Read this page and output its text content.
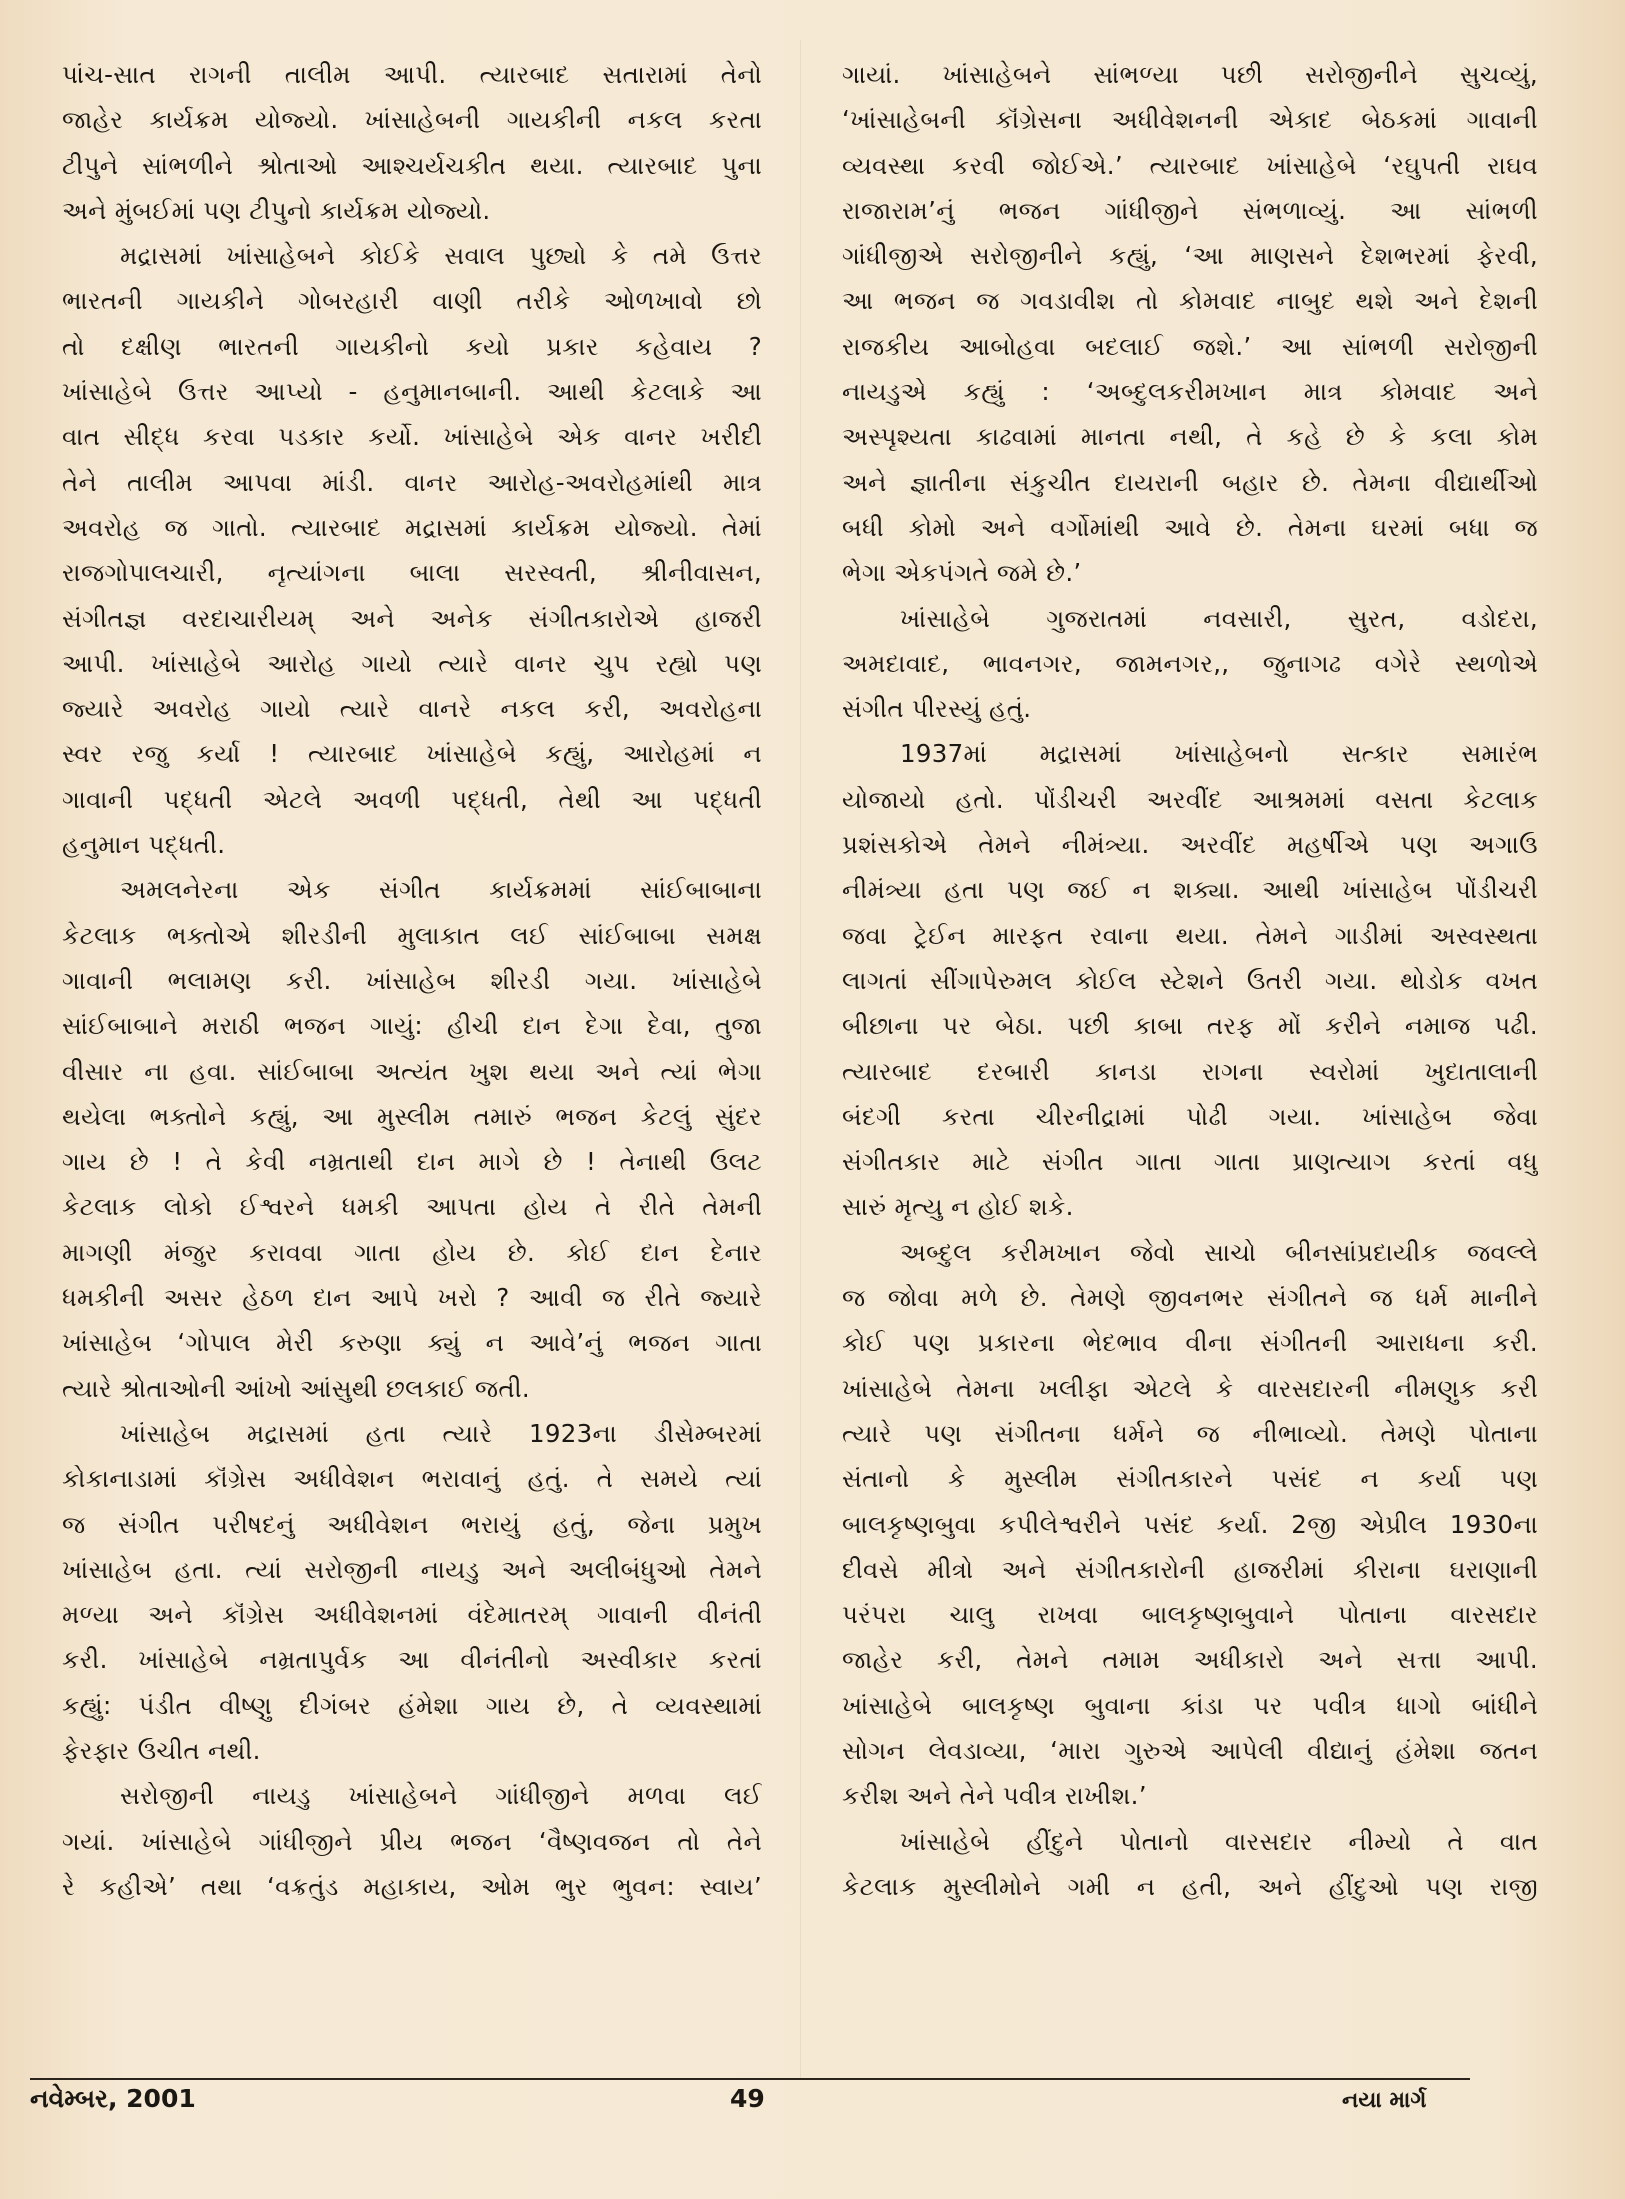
પાંચ-સાત રાગની તાલીમ આપી. ત્યારબાદ સતારામાં તેનો
જાહેર કાર્યક્રમ યોજ્યો. ખાંસાહેબની ગાયકીની નકલ કરતા
ટીપુને સાંભળીને શ્રોતાઓ આશ્ચર્યચકીત થયા. ત્યારબાદ પુના
અને મુંબઈમાં પણ ટીપુનો કાર્યક્રમ યોજ્યો.
મદ્રાસમાં ખાંસાહેબને કોઈકે સવાલ પુછ્યો કે તમે ઉત્તર
ભારતની ગાયકીને ગોબરહારી વાણી તરીકે ઓળખાવો છો
તો દક્ષીણ ભારતની ગાયકીનો કયો પ્રકાર કહેવાય ?
ખાંસાહેબે ઉત્તર આપ્યો - હનુમાનબાની. આથી કેટલાકે આ
વાત સીદ્ધ કરવા પડકાર કર્યો. ખાંસાહેબે એક વાનર ખરીદી
તેને તાલીમ આપવા માંડી. વાનર આરોહ-અવરોહમાંથી માત્ર
અવરોહ જ ગાતો. ત્યારબાદ મદ્રાસમાં કાર્યક્રમ યોજ્યો. તેમાં
રાજગોપાલચારી, નૃત્યાંગના બાલા સરસ્વતી, શ્રીનીવાસન,
સંગીતજ્ઞ વરદાચારીયમ્ અને અનેક સંગીતકારોએ હાજરી
આપી. ખાંસાહેબે આરોહ ગાયો ત્યારે વાનર ચુપ રહ્યો પણ
જ્યારે અવરોહ ગાયો ત્યારે વાનરે નકલ કરી, અવરોહના
સ્વર રજુ કર્યા ! ત્યારબાદ ખાંસાહેબે કહ્યું, આરોહમાં ન
ગાવાની પદ્ધતી એટલે અવળી પદ્ધતી, તેથી આ પદ્ધતી
હનુમાન પદ્ધતી.
અમલનેરના એક સંગીત કાર્યક્રમમાં સાંઈબાબાના
કેટલાક ભક્તોએ શીરડીની મુલાકાત લઈ સાંઈબાબા સમક્ષ
ગાવાની ભલામણ કરી. ખાંસાહેબ શીરડી ગયા. ખાંસાહેબે
સાંઈબાબાને મરાઠી ભજન ગાયું: હીચી દાન દેગા દેવા, તુજા
વીસાર ના હવા. સાંઈબાબા અત્યંત ખુશ થયા અને ત્યાં ભેગા
થયેલા ભક્તોને કહ્યું, આ મુસ્લીમ તમારું ભજન કેટલું સુંદર
ગાય છે ! તે કેવી નમ્રતાથી દાન માગે છે ! તેનાથી ઉલટ
કેટલાક લોકો ઈશ્વરને ધમકી આપતા હોય તે રીતે તેમની
માગણી મંજુર કરાવવા ગાતા હોય છે. કોઈ દાન દેનાર
ધમકીની અસર હેઠળ દાન આપે ખરો ? આવી જ રીતે જ્યારે
ખાંસાહેબ ‘ગોપાલ મેરી કરુણા ક્યું ન આવે’નું ભજન ગાતા
ત્યારે શ્રોતાઓની આંખો આંસુથી છલકાઈ જતી.
ખાંસાહેબ મદ્રાસમાં હતા ત્યારે 1923ના ડીસેમ્બરમાં
કોકાનાડામાં કૉંગ્રેસ અધીવેશન ભરાવાનું હતું. તે સમયે ત્યાં
જ સંગીત પરીષદનું અધીવેશન ભરાયું હતું, જેના પ્રમુખ
ખાંસાહેબ હતા. ત્યાં સરોજીની નાયડુ અને અલીબંધુઓ તેમને
મળ્યા અને કૉંગ્રેસ અધીવેશનમાં વંદેમાતરમ્ ગાવાની વીનંતી
કરી. ખાંસાહેબે નમ્રતાપુર્વક આ વીનંતીનો અસ્વીકાર કરતાં
કહ્યું: પંડીત વીષ્ણુ દીગંબર હંમેશા ગાય છે, તે વ્યવસ્થામાં
ફેરફાર ઉચીત નથી.
સરોજીની નાયડુ ખાંસાહેબને ગાંધીજીને મળવા લઈ
ગયાં. ખાંસાહેબે ગાંધીજીને પ્રીય ભજન ‘વૈષ્ણવજન તો તેને
રે કહીએ’ તથા ‘વક્રતુંડ મહાકાય, ઓમ ભુર ભુવન: સ્વાય’
ગાયાં. ખાંસાહેબને સાંભળ્યા પછી સરોજીનીને સુચવ્યું,
‘ખાંસાહેબની કૉંગ્રેસના અધીવેશનની એકાદ બેઠકમાં ગાવાની
વ્યવસ્થા કરવી જોઈએ.’ ત્યારબાદ ખાંસાહેબે ‘રઘુપતી રાઘવ
રાજારામ’નું ભજન ગાંધીજીને સંભળાવ્યું. આ સાંભળી
ગાંધીજીએ સરોજીનીને કહ્યું, ‘આ માણસને દેશભરમાં ફેરવી,
આ ભજન જ ગવડાવીશ તો કોમવાદ નાબુદ થશે અને દેશની
રાજકીય આબોહવા બદલાઈ જશે.’ આ સાંભળી સરોજીની
નાયડુએ કહ્યું : ‘અબ્દુલકરીમખાન માત્ર કોમવાદ અને
અસ્પૃશ્યતા કાઢવામાં માનતા નથી, તે કહે છે કે કલા કોમ
અને જ્ઞાતીના સંકુચીત દાયરાની બહાર છે. તેમના વીદ્યાર્થીઓ
બધી કોમો અને વર્ગોમાંથી આવે છે. તેમના ઘરમાં બધા જ
ભેગા એકપંગતે જમે છે.’
ખાંસાહેબે ગુજરાતમાં નવસારી, સુરત, વડોદરા,
અમદાવાદ, ભાવનગર, જામનગર,, જુનાગઢ વગેરે સ્થળોએ
સંગીત પીરસ્યું હતું.
1937માં મદ્રાસમાં ખાંસાહેબનો સત્કાર સમારંભ
યોજાયો હતો. પોંડીચરી અરવીંદ આશ્રમમાં વસતા કેટલાક
પ્રશંસકોએ તેમને નીમંત્ર્યા. અરવીંદ મહર્ષીએ પણ અગાઉ
નીમંત્ર્યા હતા પણ જઈ ન શક્યા. આથી ખાંસાહેબ પોંડીચરી
જવા ટ્રેઈન મારફત રવાના થયા. તેમને ગાડીમાં અસ્વસ્થતા
લાગતાં સીંગાપેરુમલ કોઈલ સ્ટેશને ઉતરી ગયા. થોડોક વખત
બીછાના પર બેઠા. પછી કાબા તરફ મોં કરીને નમાજ પઢી.
ત્યારબાદ દરબારી કાનડા રાગના સ્વરોમાં ખુદાતાલાની
બંદગી કરતા ચીરનીદ્રામાં પોઢી ગયા. ખાંસાહેબ જેવા
સંગીતકાર માટે સંગીત ગાતા ગાતા પ્રાણત્યાગ કરતાં વધુ
સારું મૃત્યુ ન હોઈ શકે.
અબ્દુલ કરીમખાન જેવો સાચો બીનસાંપ્રદાયીક જવલ્લે
જ જોવા મળે છે. તેમણે જીવનભર સંગીતને જ ધર્મ માનીને
કોઈ પણ પ્રકારના ભેદભાવ વીના સંગીતની આરાધના કરી.
ખાંસાહેબે તેમના ખલીફા એટલે કે વારસદારની નીમણુક કરી
ત્યારે પણ સંગીતના ધર્મને જ નીભાવ્યો. તેમણે પોતાના
સંતાનો કે મુસ્લીમ સંગીતકારને પસંદ ન કર્યા પણ
બાલકૃષ્ણબુવા કપીલેશ્વરીને પસંદ કર્યા. 2જી એપ્રીલ 1930ના
દીવસે મીત્રો અને સંગીતકારોની હાજરીમાં કીરાના ઘરાણાની
પરંપરા ચાલુ રાખવા બાલકૃષ્ણબુવાને પોતાના વારસદાર
જાહેર કરી, તેમને તમામ અધીકારો અને સત્તા આપી.
ખાંસાહેબે બાલકૃષ્ણ બુવાના કાંડા પર પવીત્ર ધાગો બાંધીને
સોગન લેવડાવ્યા, ‘મારા ગુરુએ આપેલી વીદ્યાનું હંમેશા જતન
કરીશ અને તેને પવીત્ર રાખીશ.’
ખાંસાહેબે હીંદુને પોતાનો વારસદાર નીમ્યો તે વાત
કેટલાક મુસ્લીમોને ગમી ન હતી, અને હીંદુઓ પણ રાજી
નવેમ્બર, 2001	49	નયા માર્ગ
